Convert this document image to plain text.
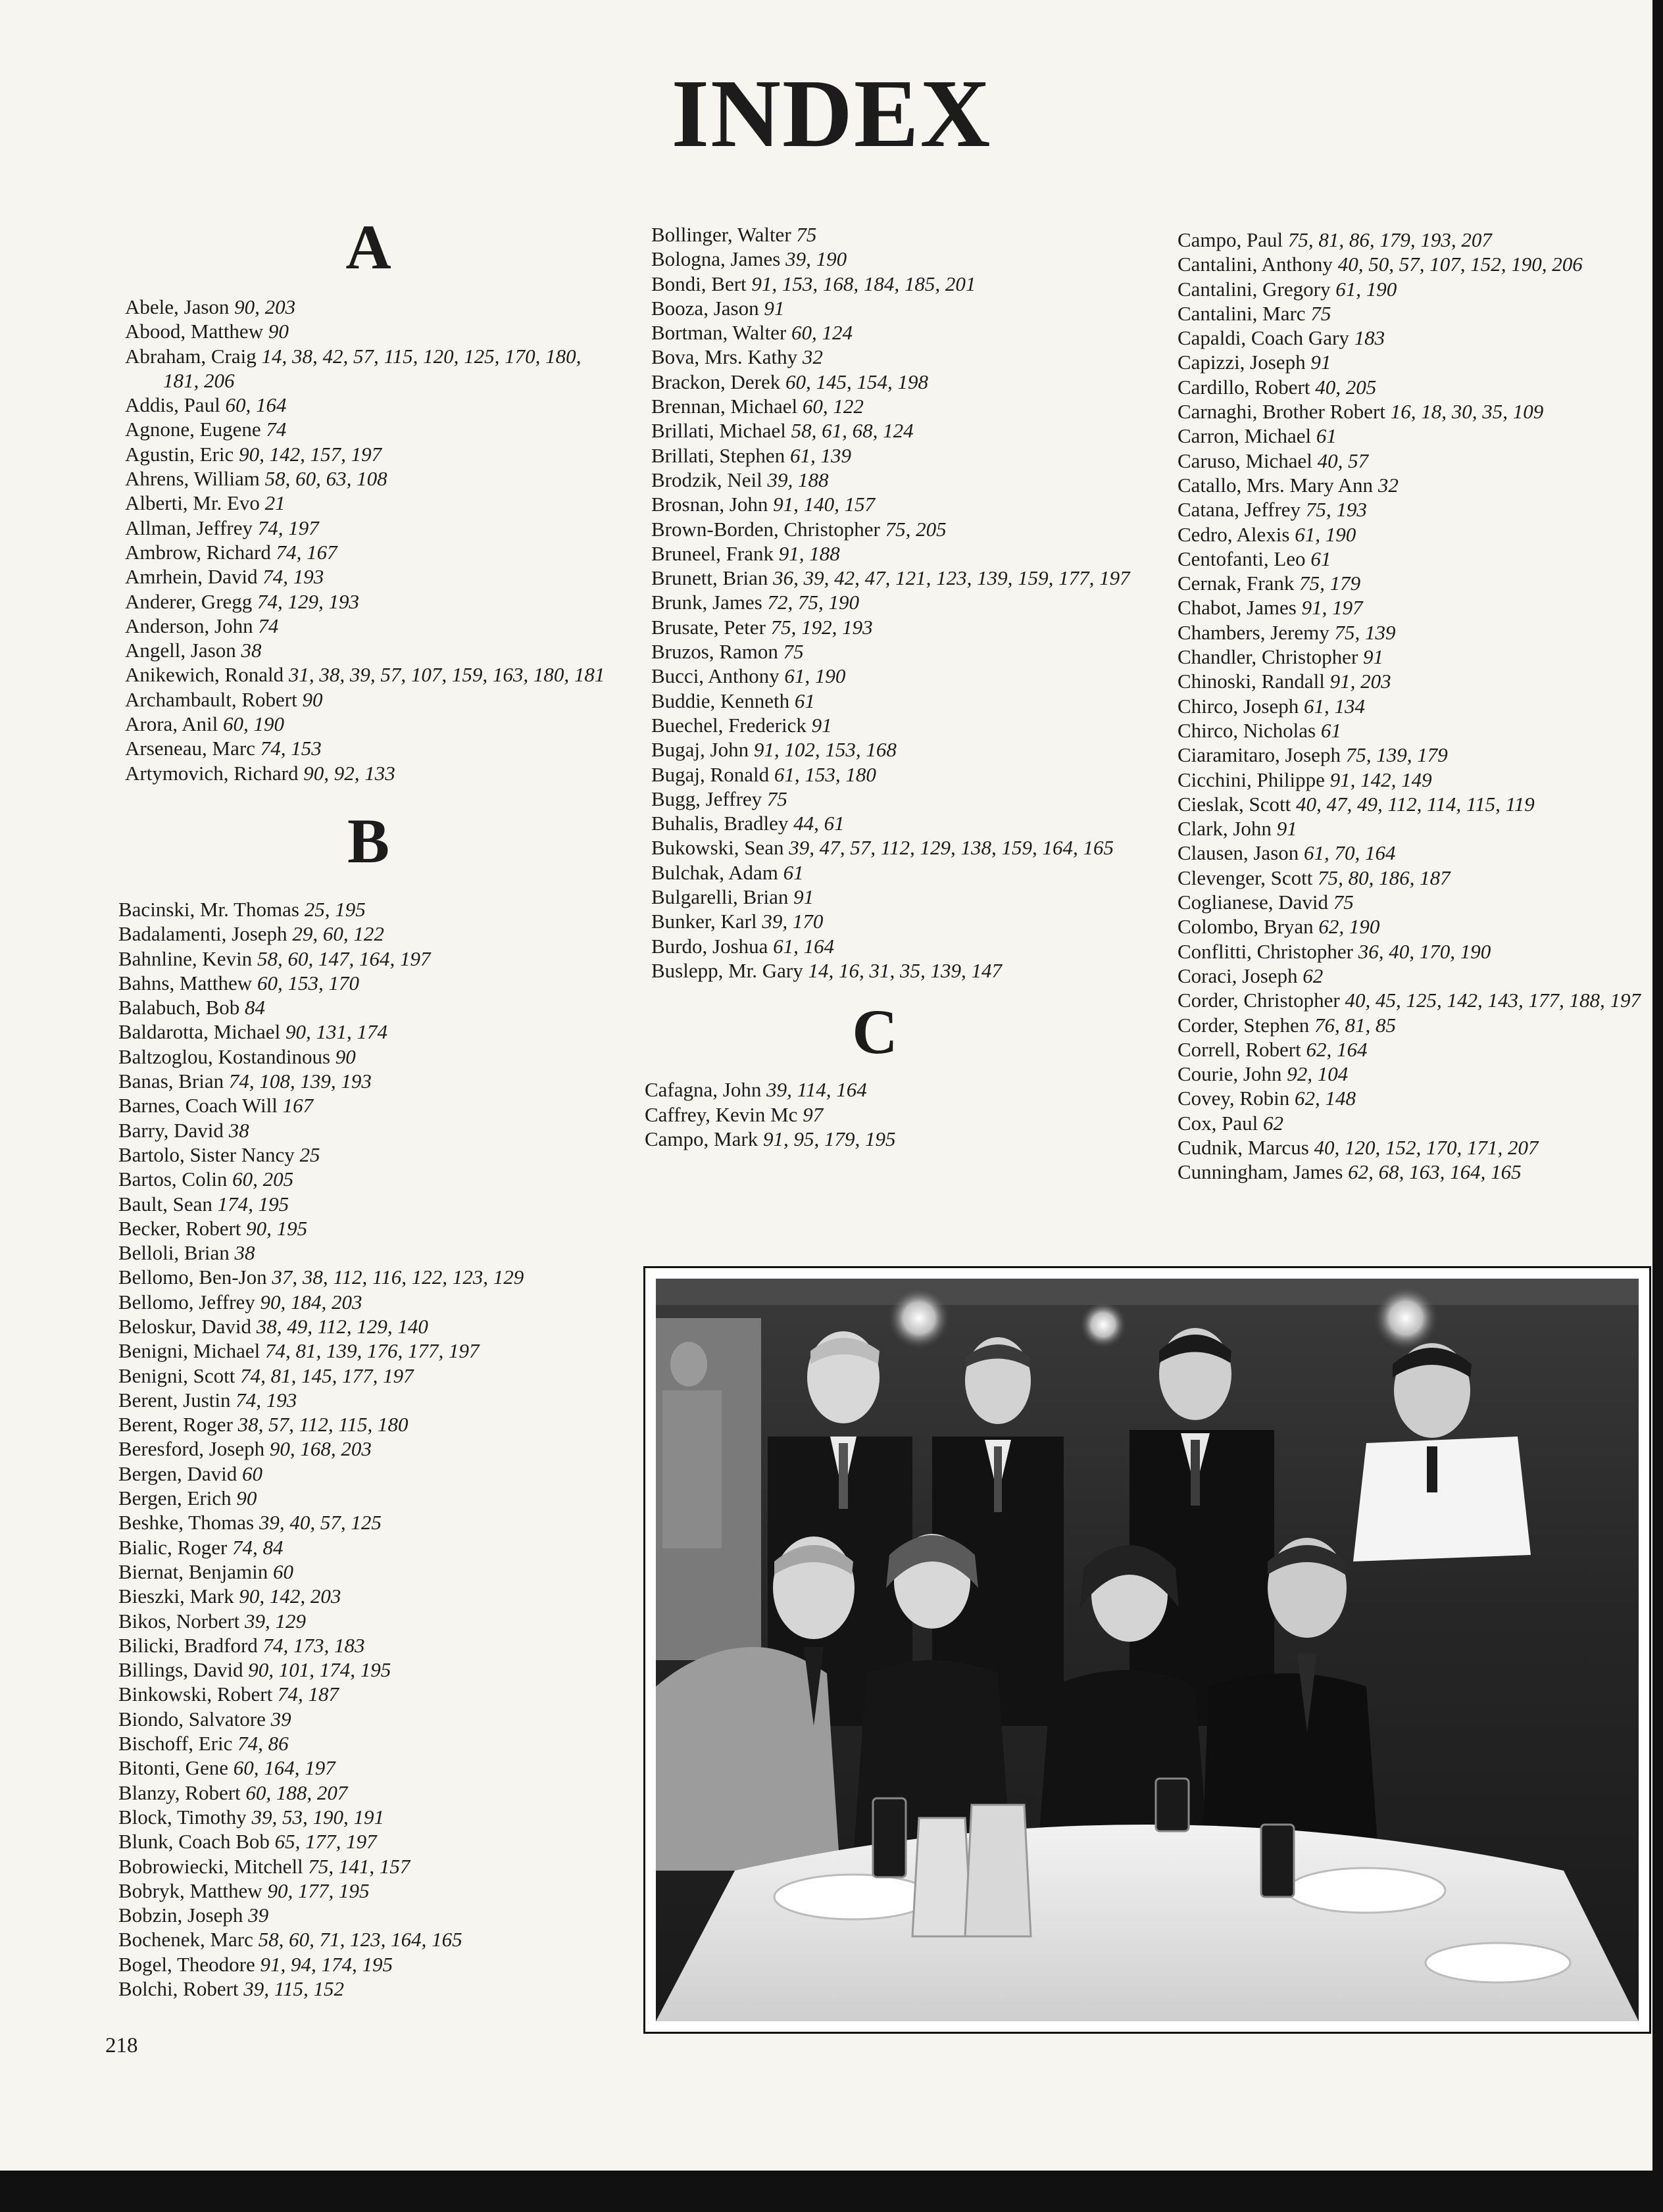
INDEX
A
Abele, Jason 90, 203
Abood, Matthew 90
Abraham, Craig 14, 38, 42, 57, 115, 120, 125, 170, 180, 181, 206
Addis, Paul 60, 164
Agnone, Eugene 74
Agustin, Eric 90, 142, 157, 197
Ahrens, William 58, 60, 63, 108
Alberti, Mr. Evo 21
Allman, Jeffrey 74, 197
Ambrow, Richard 74, 167
Amrhein, David 74, 193
Anderer, Gregg 74, 129, 193
Anderson, John 74
Angell, Jason 38
Anikewich, Ronald 31, 38, 39, 57, 107, 159, 163, 180, 181
Archambault, Robert 90
Arora, Anil 60, 190
Arseneau, Marc 74, 153
Artymovich, Richard 90, 92, 133
B
Bacinski, Mr. Thomas 25, 195
Badalamenti, Joseph 29, 60, 122
Bahnline, Kevin 58, 60, 147, 164, 197
Bahns, Matthew 60, 153, 170
Balabuch, Bob 84
Baldarotta, Michael 90, 131, 174
Baltzoglou, Kostandinous 90
Banas, Brian 74, 108, 139, 193
Barnes, Coach Will 167
Barry, David 38
Bartolo, Sister Nancy 25
Bartos, Colin 60, 205
Bault, Sean 174, 195
Becker, Robert 90, 195
Belloli, Brian 38
Bellomo, Ben-Jon 37, 38, 112, 116, 122, 123, 129
Bellomo, Jeffrey 90, 184, 203
Beloskur, David 38, 49, 112, 129, 140
Benigni, Michael 74, 81, 139, 176, 177, 197
Benigni, Scott 74, 81, 145, 177, 197
Berent, Justin 74, 193
Berent, Roger 38, 57, 112, 115, 180
Beresford, Joseph 90, 168, 203
Bergen, David 60
Bergen, Erich 90
Beshke, Thomas 39, 40, 57, 125
Bialic, Roger 74, 84
Biernat, Benjamin 60
Bieszki, Mark 90, 142, 203
Bikos, Norbert 39, 129
Bilicki, Bradford 74, 173, 183
Billings, David 90, 101, 174, 195
Binkowski, Robert 74, 187
Biondo, Salvatore 39
Bischoff, Eric 74, 86
Bitonti, Gene 60, 164, 197
Blanzy, Robert 60, 188, 207
Block, Timothy 39, 53, 190, 191
Blunk, Coach Bob 65, 177, 197
Bobrowiecki, Mitchell 75, 141, 157
Bobryk, Matthew 90, 177, 195
Bobzin, Joseph 39
Bochenek, Marc 58, 60, 71, 123, 164, 165
Bogel, Theodore 91, 94, 174, 195
Bolchi, Robert 39, 115, 152
Bollinger, Walter 75
Bologna, James 39, 190
Bondi, Bert 91, 153, 168, 184, 185, 201
Booza, Jason 91
Bortman, Walter 60, 124
Bova, Mrs. Kathy 32
Brackon, Derek 60, 145, 154, 198
Brennan, Michael 60, 122
Brillati, Michael 58, 61, 68, 124
Brillati, Stephen 61, 139
Brodzik, Neil 39, 188
Brosnan, John 91, 140, 157
Brown-Borden, Christopher 75, 205
Bruneel, Frank 91, 188
Brunett, Brian 36, 39, 42, 47, 121, 123, 139, 159, 177, 197
Brunk, James 72, 75, 190
Brusate, Peter 75, 192, 193
Bruzos, Ramon 75
Bucci, Anthony 61, 190
Buddie, Kenneth 61
Buechel, Frederick 91
Bugaj, John 91, 102, 153, 168
Bugaj, Ronald 61, 153, 180
Bugg, Jeffrey 75
Buhalis, Bradley 44, 61
Bukowski, Sean 39, 47, 57, 112, 129, 138, 159, 164, 165
Bulchak, Adam 61
Bulgarelli, Brian 91
Bunker, Karl 39, 170
Burdo, Joshua 61, 164
Buslepp, Mr. Gary 14, 16, 31, 35, 139, 147
C
Cafagna, John 39, 114, 164
Caffrey, Kevin Mc 97
Campo, Mark 91, 95, 179, 195
Campo, Paul 75, 81, 86, 179, 193, 207
Cantalini, Anthony 40, 50, 57, 107, 152, 190, 206
Cantalini, Gregory 61, 190
Cantalini, Marc 75
Capaldi, Coach Gary 183
Capizzi, Joseph 91
Cardillo, Robert 40, 205
Carnaghi, Brother Robert 16, 18, 30, 35, 109
Carron, Michael 61
Caruso, Michael 40, 57
Catallo, Mrs. Mary Ann 32
Catana, Jeffrey 75, 193
Cedro, Alexis 61, 190
Centofanti, Leo 61
Cernak, Frank 75, 179
Chabot, James 91, 197
Chambers, Jeremy 75, 139
Chandler, Christopher 91
Chinoski, Randall 91, 203
Chirco, Joseph 61, 134
Chirco, Nicholas 61
Ciaramitaro, Joseph 75, 139, 179
Cicchini, Philippe 91, 142, 149
Cieslak, Scott 40, 47, 49, 112, 114, 115, 119
Clark, John 91
Clausen, Jason 61, 70, 164
Clevenger, Scott 75, 80, 186, 187
Coglianese, David 75
Colombo, Bryan 62, 190
Conflitti, Christopher 36, 40, 170, 190
Coraci, Joseph 62
Corder, Christopher 40, 45, 125, 142, 143, 177, 188, 197
Corder, Stephen 76, 81, 85
Correll, Robert 62, 164
Courie, John 92, 104
Covey, Robin 62, 148
Cox, Paul 62
Cudnik, Marcus 40, 120, 152, 170, 171, 207
Cunningham, James 62, 68, 163, 164, 165
218
